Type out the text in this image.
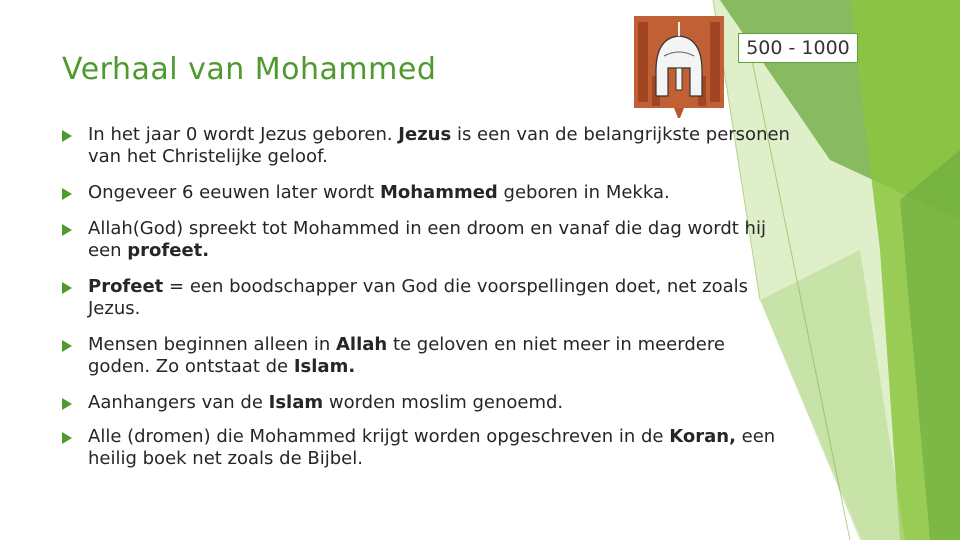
Verhaal van Mohammed
500 - 1000
In het jaar 0 wordt Jezus geboren. Jezus is een van de belangrijkste personen van het Christelijke geloof.
Ongeveer 6 eeuwen later wordt Mohammed geboren in Mekka.
Allah(God) spreekt tot Mohammed in een droom en vanaf die dag wordt hij een profeet.
Profeet = een boodschapper van God die voorspellingen doet, net zoals Jezus.
Mensen beginnen alleen in Allah te geloven en niet meer in meerdere goden. Zo ontstaat de Islam.
Aanhangers van de Islam worden moslim genoemd.
Alle (dromen) die Mohammed krijgt worden opgeschreven in de Koran, een heilig boek net zoals de Bijbel.
